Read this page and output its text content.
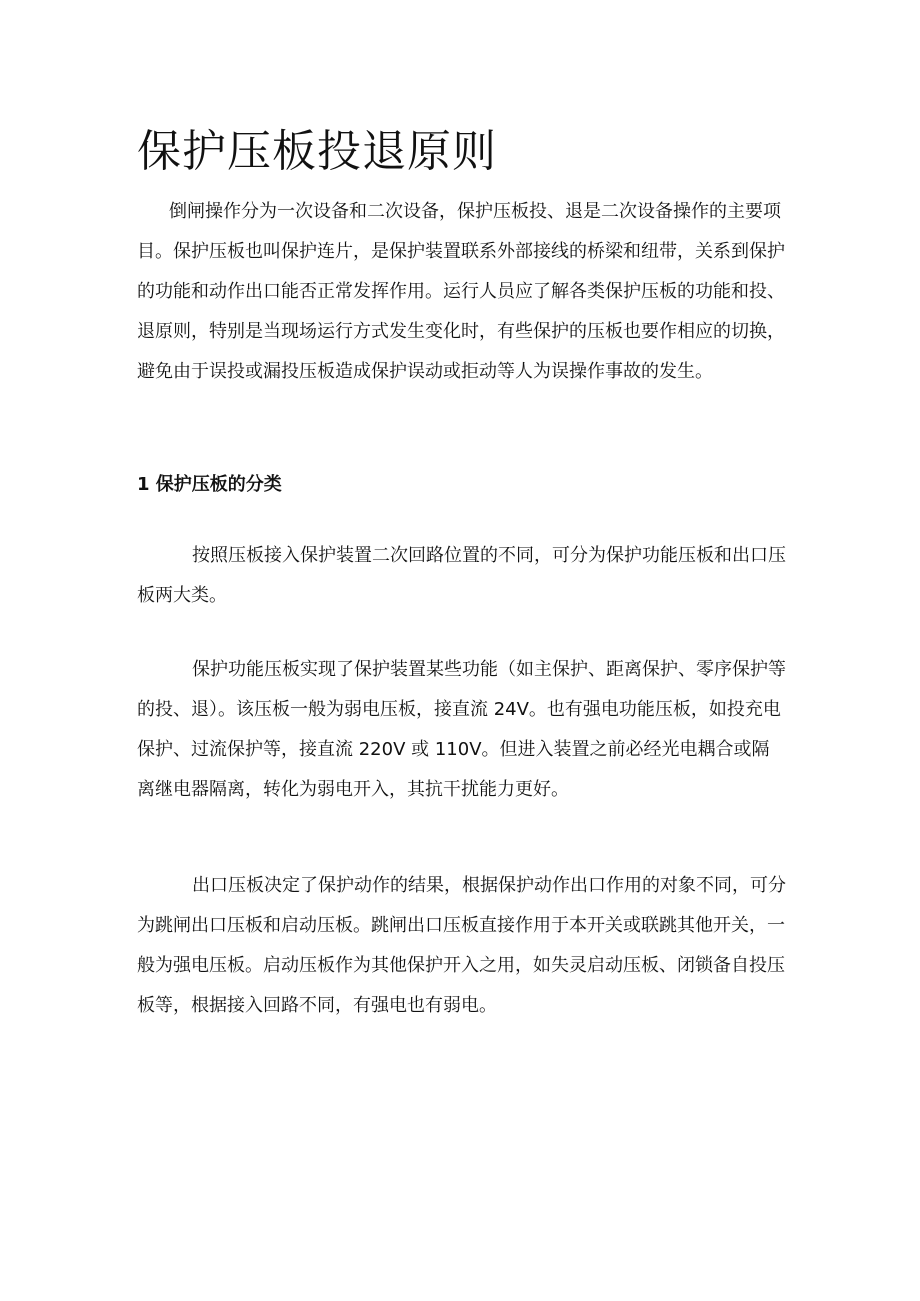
保护压板投退原则

倒闸操作分为一次设备和二次设备，保护压板投、退是二次设备操作的主要项目。保护压板也叫保护连片，是保护装置联系外部接线的桥梁和纽带，关系到保护的功能和动作出口能否正常发挥作用。运行人员应了解各类保护压板的功能和投、退原则，特别是当现场运行方式发生变化时，有些保护的压板也要作相应的切换，避免由于误投或漏投压板造成保护误动或拒动等人为误操作事故的发生。

1 保护压板的分类

按照压板接入保护装置二次回路位置的不同，可分为保护功能压板和出口压板两大类。

保护功能压板实现了保护装置某些功能（如主保护、距离保护、零序保护等的投、退）。该压板一般为弱电压板，接直流 24V。也有强电功能压板，如投充电保护、过流保护等，接直流 220V 或 110V。但进入装置之前必经光电耦合或隔离继电器隔离，转化为弱电开入，其抗干扰能力更好。

出口压板决定了保护动作的结果，根据保护动作出口作用的对象不同，可分为跳闸出口压板和启动压板。跳闸出口压板直接作用于本开关或联跳其他开关，一般为强电压板。启动压板作为其他保护开入之用，如失灵启动压板、闭锁备自投压板等，根据接入回路不同，有强电也有弱电。
